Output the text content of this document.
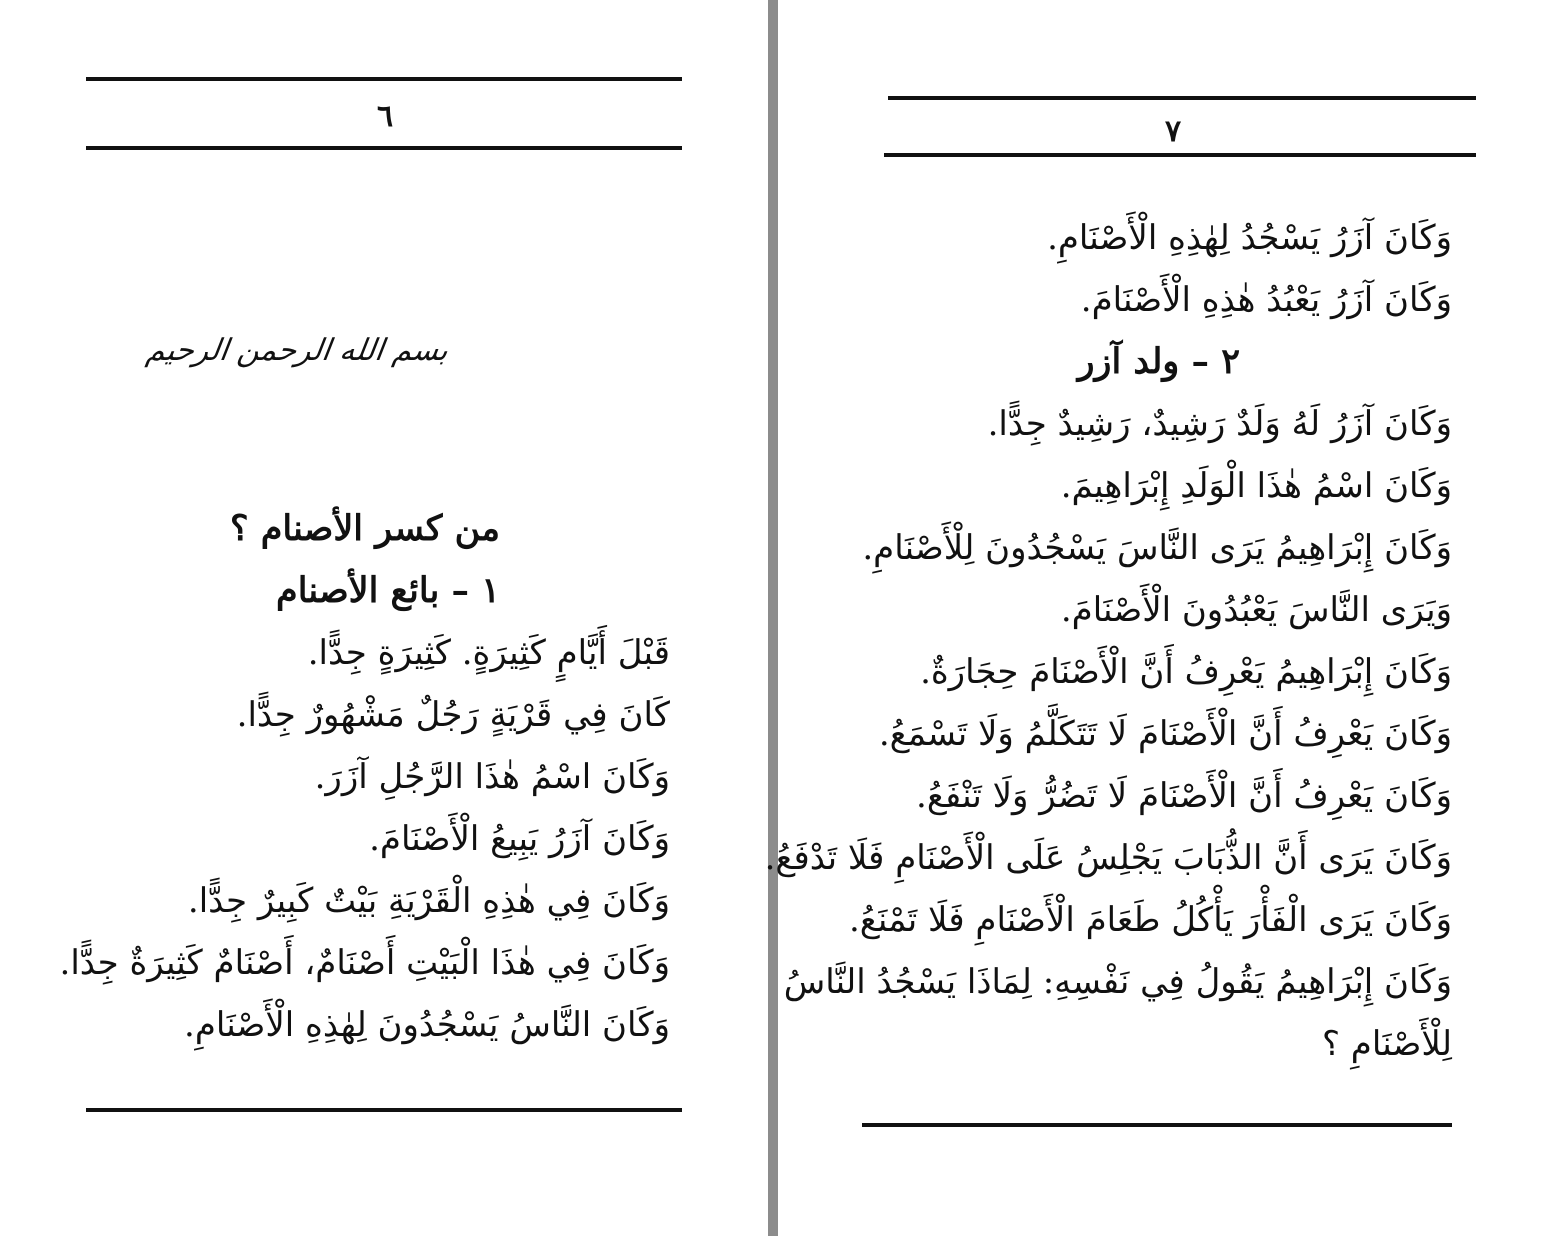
٦
بسم الله الرحمن الرحيم
من كسر الأصنام ؟
١ – بائع الأصنام
قَبْلَ أَيَّامٍ كَثِيرَةٍ. كَثِيرَةٍ جِدًّا.
كَانَ فِي قَرْيَةٍ رَجُلٌ مَشْهُورٌ جِدًّا.
وَكَانَ اسْمُ هٰذَا الرَّجُلِ آزَرَ.
وَكَانَ آزَرُ يَبِيعُ الْأَصْنَامَ.
وَكَانَ فِي هٰذِهِ الْقَرْيَةِ بَيْتٌ كَبِيرٌ جِدًّا.
وَكَانَ فِي هٰذَا الْبَيْتِ أَصْنَامٌ، أَصْنَامٌ كَثِيرَةٌ جِدًّا.
وَكَانَ النَّاسُ يَسْجُدُونَ لِهٰذِهِ الْأَصْنَامِ.
٧
وَكَانَ آزَرُ يَسْجُدُ لِهٰذِهِ الْأَصْنَامِ.
وَكَانَ آزَرُ يَعْبُدُ هٰذِهِ الْأَصْنَامَ.
٢ – ولد آزر
وَكَانَ آزَرُ لَهُ وَلَدٌ رَشِيدٌ، رَشِيدٌ جِدًّا.
وَكَانَ اسْمُ هٰذَا الْوَلَدِ إِبْرَاهِيمَ.
وَكَانَ إِبْرَاهِيمُ يَرَى النَّاسَ يَسْجُدُونَ لِلْأَصْنَامِ.
وَيَرَى النَّاسَ يَعْبُدُونَ الْأَصْنَامَ.
وَكَانَ إِبْرَاهِيمُ يَعْرِفُ أَنَّ الْأَصْنَامَ حِجَارَةٌ.
وَكَانَ يَعْرِفُ أَنَّ الْأَصْنَامَ لَا تَتَكَلَّمُ وَلَا تَسْمَعُ.
وَكَانَ يَعْرِفُ أَنَّ الْأَصْنَامَ لَا تَضُرُّ وَلَا تَنْفَعُ.
وَكَانَ يَرَى أَنَّ الذُّبَابَ يَجْلِسُ عَلَى الْأَصْنَامِ فَلَا تَدْفَعُ.
وَكَانَ يَرَى الْفَأْرَ يَأْكُلُ طَعَامَ الْأَصْنَامِ فَلَا تَمْنَعُ.
وَكَانَ إِبْرَاهِيمُ يَقُولُ فِي نَفْسِهِ: لِمَاذَا يَسْجُدُ النَّاسُ
لِلْأَصْنَامِ ؟
